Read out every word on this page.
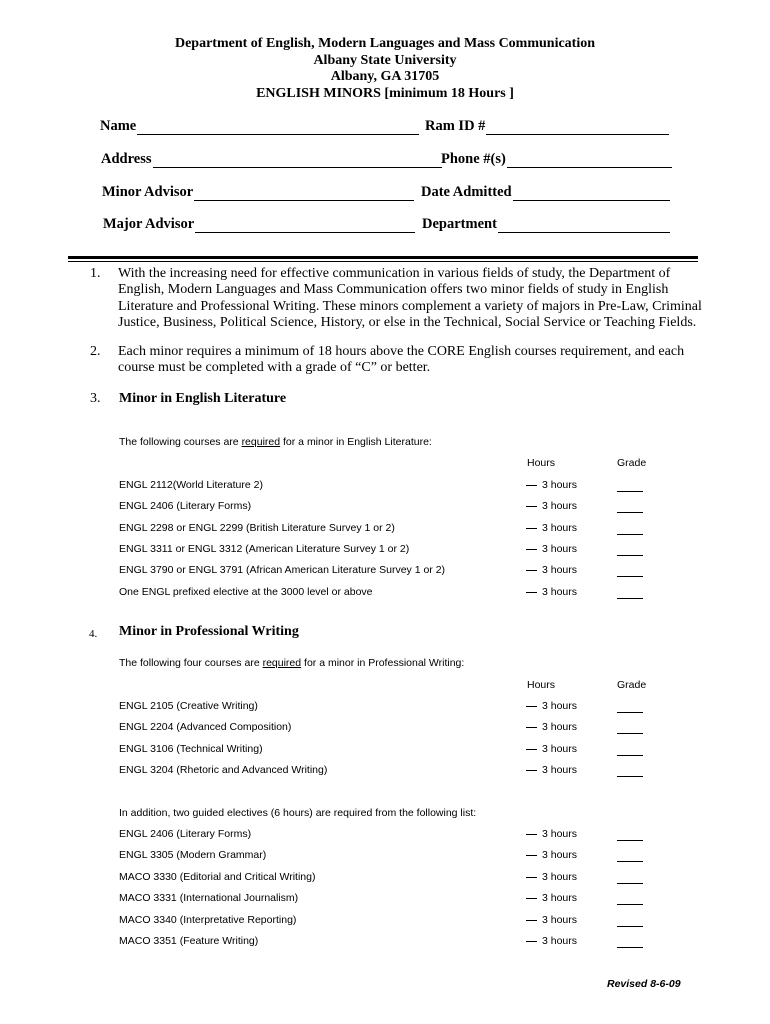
Department of English, Modern Languages and Mass Communication
Albany State University
Albany, GA 31705
ENGLISH MINORS [minimum 18 Hours ]
Name	Ram ID #
Address	Phone #(s)
Minor Advisor	Date Admitted
Major Advisor	Department
1. With the increasing need for effective communication in various fields of study, the Department of
English, Modern Languages and Mass Communication offers two minor fields of study in English
Literature and Professional Writing. These minors complement a variety of majors in Pre-Law, Criminal
Justice, Business, Political Science, History, or else in the Technical, Social Service or Teaching Fields.
2. Each minor requires a minimum of 18 hours above the CORE English courses requirement, and each
course must be completed with a grade of “C” or better.
3. Minor in English Literature
The following courses are required for a minor in English Literature:
Hours	Grade
ENGL 2112(World Literature 2)	3 hours
ENGL 2406 (Literary Forms)	3 hours
ENGL 2298 or ENGL 2299 (British Literature Survey 1 or 2)	3 hours
ENGL 3311 or ENGL 3312 (American Literature Survey 1 or 2)	3 hours
ENGL 3790 or ENGL 3791 (African American Literature Survey 1 or 2)	3 hours
One ENGL prefixed elective at the 3000 level or above	3 hours
4. Minor in Professional Writing
The following four courses are required for a minor in Professional Writing:
Hours	Grade
ENGL 2105 (Creative Writing)	3 hours
ENGL 2204 (Advanced Composition)	3 hours
ENGL 3106 (Technical Writing)	3 hours
ENGL 3204 (Rhetoric and Advanced Writing)	3 hours
In addition, two guided electives (6 hours) are required from the following list:
ENGL 2406 (Literary Forms)	3 hours
ENGL 3305 (Modern Grammar)	3 hours
MACO 3330 (Editorial and Critical Writing)	3 hours
MACO 3331 (International Journalism)	3 hours
MACO 3340 (Interpretative Reporting)	3 hours
MACO 3351 (Feature Writing)	3 hours
Revised 8-6-09
